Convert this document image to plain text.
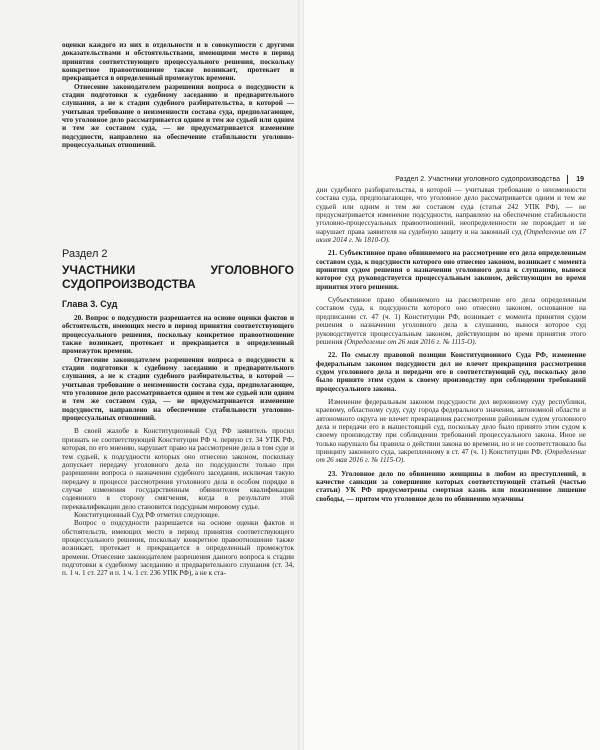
оценки каждого из них в отдельности и в совокупности с другими доказательствами и обстоятельствами, имеющими место в период принятия соответствующего процессуального решения, поскольку конкретное правоотношение также возникает, протекает и прекращается в определенный промежуток времени.

Отнесение законодателем разрешения вопроса о подсудности к стадии подготовки к судебному заседанию и предварительного слушания, а не к стадии судебного разбирательства, в которой — учитывая требование о неизменности состава суда, предполагающее, что уголовное дело рассматривается одним и тем же судьей или одним и тем же составом суда, — не предусматривается изменение подсудности, направлено на обеспечение стабильности уголовно-процессуальных отношений.

Раздел 2
УЧАСТНИКИ УГОЛОВНОГО СУДОПРОИЗВОДСТВА
Глава 3. Суд

20. Вопрос о подсудности разрешается на основе оценки фактов и обстоятельств, имеющих место в период принятия соответствующего процессуального решения, поскольку конкретное правоотношение также возникает, протекает и прекращается в определенный промежуток времени.

Отнесение законодателем разрешения вопроса о подсудности к стадии подготовки к судебному заседанию и предварительного слушания, а не к стадии судебного разбирательства, в которой — учитывая требование о неизменности состава суда, предполагающее, что уголовное дело рассматривается одним и тем же судьей или одним и тем же составом суда, — не предусматривается изменение подсудности, направлено на обеспечение стабильности уголовно-процессуальных отношений.

В своей жалобе в Конституционный Суд РФ заявитель просил признать не соответствующей Конституции РФ ч. первую ст. 34 УПК РФ, которая, по его мнению, нарушает право на рассмотрение дела в том суде и тем судьей, к подсудности которых оно отнесено законом, поскольку допускает передачу уголовного дела по подсудности только при разрешении вопроса о назначении судебного заседания, исключая такую передачу в процессе рассмотрения уголовного дела в особом порядке в случае изменения государственным обвинителем квалификации содеянного в сторону смягчения, когда в результате этой переквалификации дело становится подсудным мировому судье.

Конституционный Суд РФ отметил следующее.

Вопрос о подсудности разрешается на основе оценки фактов и обстоятельств, имеющих место в период принятия соответствующего процессуального решения, поскольку конкретное правоотношение также возникает, протекает и прекращается в определенный промежуток времени. Отнесение законодателем разрешения данного вопроса к стадии подготовки к судебному заседанию и предварительного слушания (ст. 34, п. 1 ч. 1 ст. 227 и п. 1 ч. 1 ст. 236 УПК РФ), а не к ста-

Раздел 2. Участники уголовного судопроизводства 19

дии судебного разбирательства, в которой — учитывая требование о неизменности состава суда, предполагающее, что уголовное дело рассматривается одним и тем же судьей или одним и тем же составом суда (статья 242 УПК РФ), — не предусматривается изменение подсудности, направлено на обеспечение стабильности уголовно-процессуальных правоотношений, неопределенности не порождает и не нарушает права заявителя на судебную защиту и на законный суд (Определение от 17 июля 2014 г. № 1810-О).

21. Субъективное право обвиняемого на рассмотрение его дела определенным составом суда, к подсудности которого оно отнесено законом, возникает с момента принятия судом решения о назначении уголовного дела к слушанию, вынося которое суд руководствуется процессуальным законом, действующим во время принятия этого решения.

Субъективное право обвиняемого на рассмотрение его дела определенным составом суда, к подсудности которого оно отнесено законом, основанное на предписании ст. 47 (ч. 1) Конституции РФ, возникает с момента принятия судом решения о назначении уголовного дела к слушанию, вынося которое суд руководствуется процессуальным законом, действующим во время принятия этого решения (Определение от 26 мая 2016 г. № 1115-О).

22. По смыслу правовой позиции Конституционного Суда РФ, изменение федеральным законом подсудности дел не влечет прекращения рассмотрения судом уголовного дела и передачи его в соответствующий суд, поскольку дело было принято этим судом к своему производству при соблюдении требований процессуального закона.

Изменение федеральным законом подсудности дел верховному суду республики, краевому, областному суду, суду города федерального значения, автономной области и автономного округа не влечет прекращения рассмотрения районным судом уголовного дела и передачи его в вышестоящий суд, поскольку дело было принято этим судом к своему производству при соблюдении требований процессуального закона. Иное не только нарушало бы правила о действии закона во времени, но и не соответствовало бы принципу законного суда, закрепленному в ст. 47 (ч. 1) Конституции РФ. (Определение от 26 мая 2016 г. № 1115-О).

23. Уголовное дело по обвинению женщины в любом из преступлений, в качестве санкции за совершение которых соответствующей статьей (частью статьи) УК РФ предусмотрены смертная казнь или пожизненное лишение свободы, — притом что уголовное дело по обвинению мужчины
